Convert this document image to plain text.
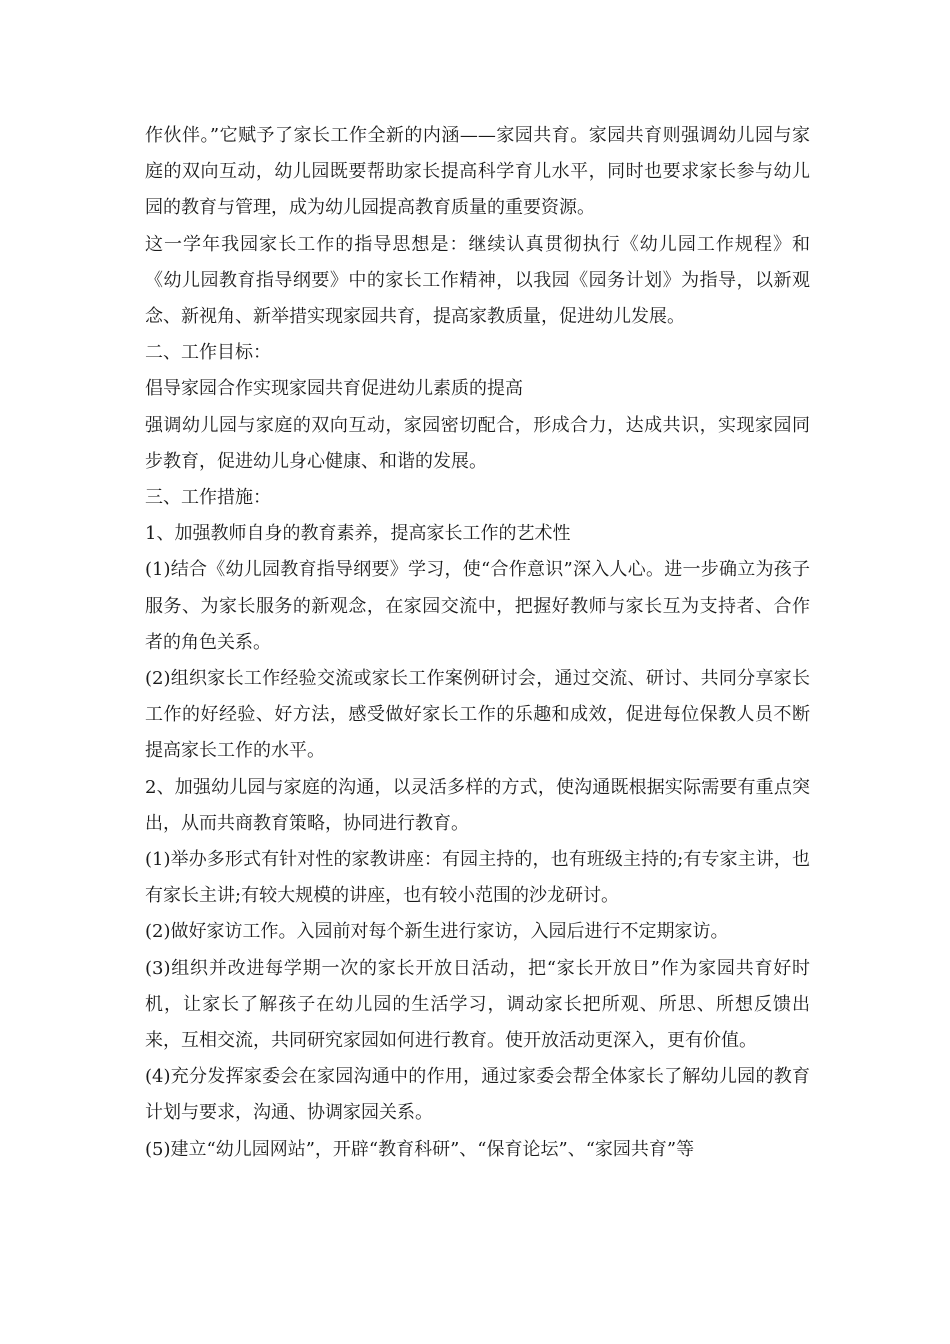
作伙伴。”它赋予了家长工作全新的内涵——家园共育。家园共育则强调幼儿园与家庭的双向互动，幼儿园既要帮助家长提高科学育儿水平，同时也要求家长参与幼儿园的教育与管理，成为幼儿园提高教育质量的重要资源。

这一学年我园家长工作的指导思想是：继续认真贯彻执行《幼儿园工作规程》和《幼儿园教育指导纲要》中的家长工作精神，以我园《园务计划》为指导，以新观念、新视角、新举措实现家园共育，提高家教质量，促进幼儿发展。

二、工作目标：

倡导家园合作实现家园共育促进幼儿素质的提高

强调幼儿园与家庭的双向互动，家园密切配合，形成合力，达成共识，实现家园同步教育，促进幼儿身心健康、和谐的发展。

三、工作措施：

1、加强教师自身的教育素养，提高家长工作的艺术性

(1)结合《幼儿园教育指导纲要》学习，使“合作意识”深入人心。进一步确立为孩子服务、为家长服务的新观念，在家园交流中，把握好教师与家长互为支持者、合作者的角色关系。

(2)组织家长工作经验交流或家长工作案例研讨会，通过交流、研讨、共同分享家长工作的好经验、好方法，感受做好家长工作的乐趣和成效，促进每位保教人员不断提高家长工作的水平。

2、加强幼儿园与家庭的沟通，以灵活多样的方式，使沟通既根据实际需要有重点突出，从而共商教育策略，协同进行教育。

(1)举办多形式有针对性的家教讲座：有园主持的，也有班级主持的;有专家主讲，也有家长主讲;有较大规模的讲座，也有较小范围的沙龙研讨。

(2)做好家访工作。入园前对每个新生进行家访，入园后进行不定期家访。

(3)组织并改进每学期一次的家长开放日活动，把“家长开放日”作为家园共育好时机，让家长了解孩子在幼儿园的生活学习，调动家长把所观、所思、所想反馈出来，互相交流，共同研究家园如何进行教育。使开放活动更深入，更有价值。

(4)充分发挥家委会在家园沟通中的作用，通过家委会帮全体家长了解幼儿园的教育计划与要求，沟通、协调家园关系。

(5)建立“幼儿园网站”，开辟“教育科研”、“保育论坛”、“家园共育”等
